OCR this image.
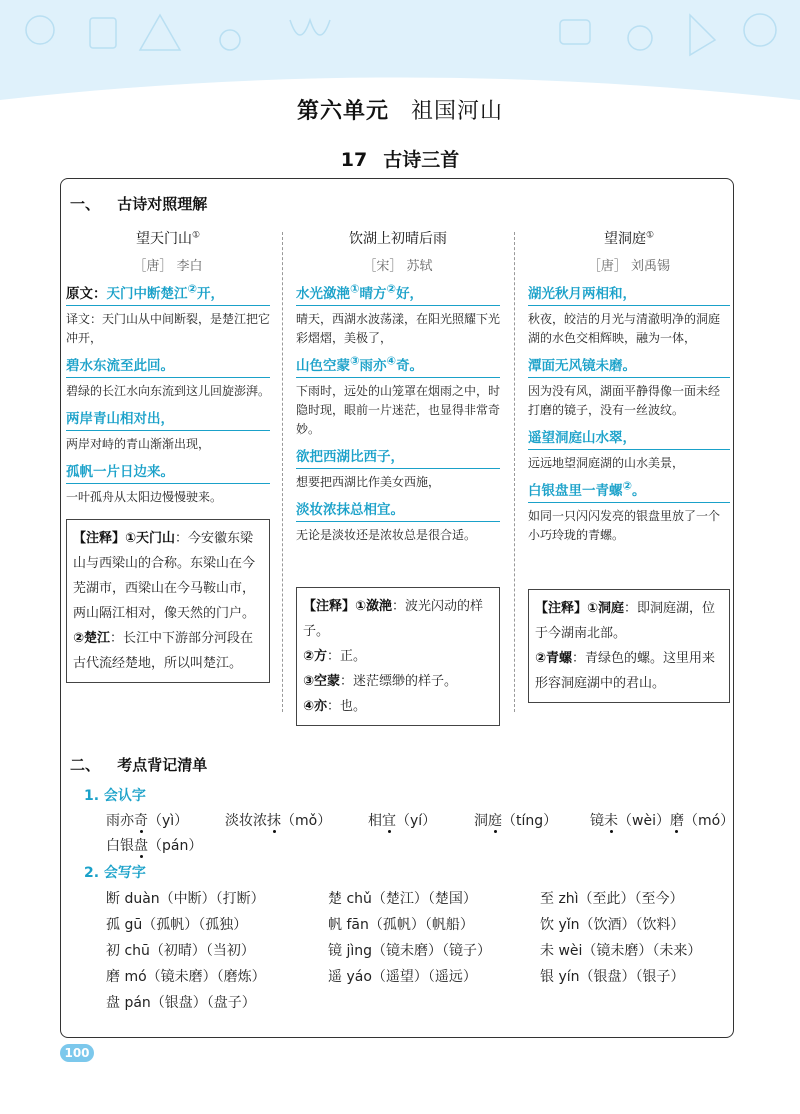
第六单元 祖国河山
17 古诗三首
一、 古诗对照理解
望天门山①
［唐］ 李白
原文：天门中断楚江②开，
译文：天门山从中间断裂，是楚江把它冲开，
碧水东流至此回。
碧绿的长江水向东流到这儿回旋澎湃。
两岸青山相对出，
两岸对峙的青山渐渐出现，
孤帆一片日边来。
一叶孤舟从太阳边慢慢驶来。
【注释】①天门山：今安徽东梁山与西梁山的合称。东梁山在今芜湖市，西梁山在今马鞍山市，两山隔江相对，像天然的门户。
②楚江：长江中下游部分河段在古代流经楚地，所以叫楚江。
饮湖上初晴后雨
［宋］ 苏轼
水光潋滟①晴方②好，
晴天，西湖水波荡漾，在阳光照耀下光彩熠熠，美极了，
山色空蒙③雨亦④奇。
下雨时，远处的山笼罩在烟雨之中，时隐时现，眼前一片迷茫，也显得非常奇妙。
欲把西湖比西子，
想要把西湖比作美女西施，
淡妆浓抹总相宜。
无论是淡妆还是浓妆总是很合适。
【注释】①潋滟：波光闪动的样子。
②方：正。
③空蒙：迷茫缥缈的样子。
④亦：也。
望洞庭①
［唐］ 刘禹锡
湖光秋月两相和，
秋夜，皎洁的月光与清澈明净的洞庭湖的水色交相辉映，融为一体，
潭面无风镜未磨。
因为没有风，湖面平静得像一面未经打磨的镜子，没有一丝波纹。
遥望洞庭山水翠，
远远地望洞庭湖的山水美景，
白银盘里一青螺②。
如同一只闪闪发亮的银盘里放了一个小巧玲珑的青螺。
【注释】①洞庭：即洞庭湖，位于今湖南北部。
②青螺：青绿色的螺。这里用来形容洞庭湖中的君山。
二、 考点背记清单
1. 会认字
雨亦奇（yì）	淡妆浓抹（mǒ）	相宜（yí）	洞庭（tíng） 镜未（wèi）磨（mó）
白银盘（pán）
2. 会写字
断 duàn（中断）（打断）	楚 chǔ（楚江）（楚国）	至 zhì（至此）（至今）
孤 gū（孤帆）（孤独）	帆 fān（孤帆）（帆船）	饮 yǐn（饮酒）（饮料）
初 chū（初晴）（当初）	镜 jìng（镜未磨）（镜子）	未 wèi（镜未磨）（未来）
磨 mó（镜未磨）（磨炼）	遥 yáo（遥望）（遥远）	银 yín（银盘）（银子）
盘 pán（银盘）（盘子）
100
